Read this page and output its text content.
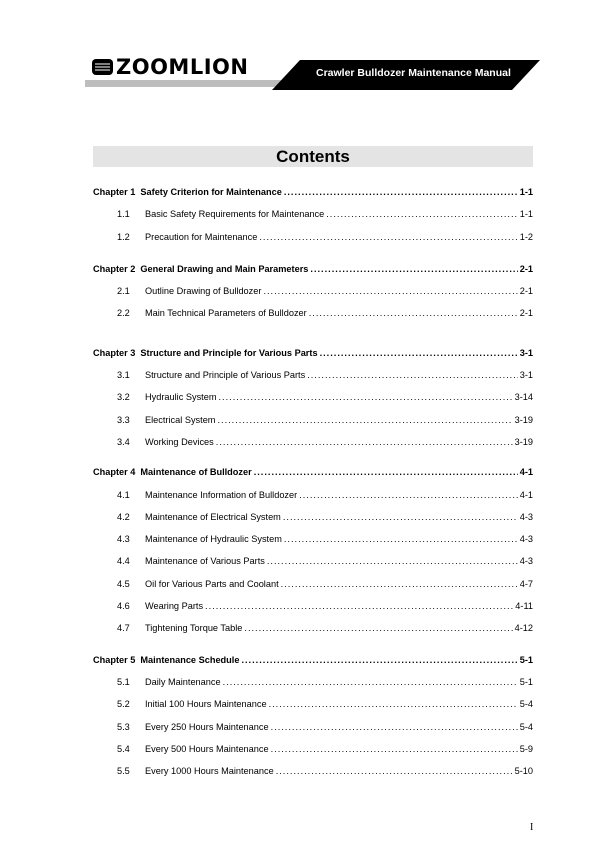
ZOOMLION	Crawler Bulldozer Maintenance Manual
Contents
Chapter 1 Safety Criterion for Maintenance .....	1-1
1.1	Basic Safety Requirements for Maintenance .....	1-1
1.2	Precaution for Maintenance .....	1-2
Chapter 2 General Drawing and Main Parameters .....	2-1
2.1	Outline Drawing of Bulldozer .....	2-1
2.2	Main Technical Parameters of Bulldozer .....	2-1
Chapter 3 Structure and Principle for Various Parts .....	3-1
3.1	Structure and Principle of Various Parts .....	3-1
3.2	Hydraulic System .....	3-14
3.3	Electrical System .....	3-19
3.4	Working Devices .....	3-19
Chapter 4 Maintenance of Bulldozer .....	4-1
4.1	Maintenance Information of Bulldozer .....	4-1
4.2	Maintenance of Electrical System .....	4-3
4.3	Maintenance of Hydraulic System .....	4-3
4.4	Maintenance of Various Parts .....	4-3
4.5	Oil for Various Parts and Coolant .....	4-7
4.6	Wearing Parts .....	4-11
4.7	Tightening Torque Table .....	4-12
Chapter 5 Maintenance Schedule .....	5-1
5.1	Daily Maintenance .....	5-1
5.2	Initial 100 Hours Maintenance .....	5-4
5.3	Every 250 Hours Maintenance .....	5-4
5.4	Every 500 Hours Maintenance .....	5-9
5.5	Every 1000 Hours Maintenance .....	5-10
I
